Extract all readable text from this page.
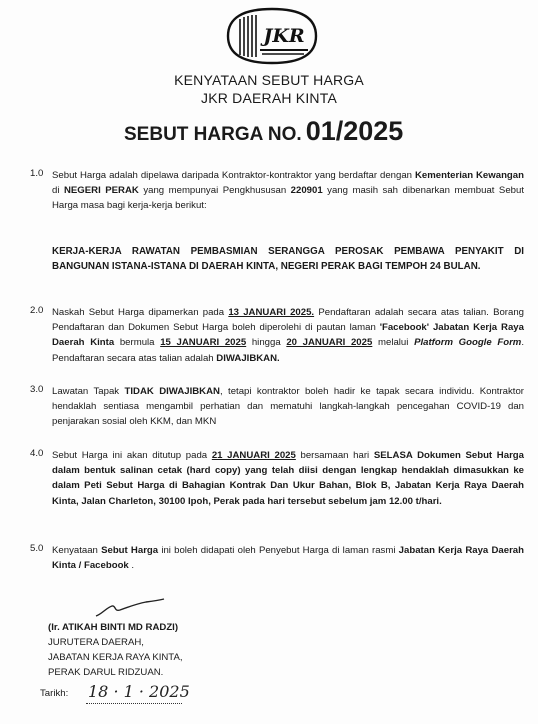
JKR
KENYATAAN SEBUT HARGA
JKR DAERAH KINTA
SEBUT HARGA NO. 01/2025
1.0 Sebut Harga adalah dipelawa daripada Kontraktor-kontraktor yang berdaftar dengan Kementerian Kewangan di NEGERI PERAK yang mempunyai Pengkhususan 220901 yang masih sah dibenarkan membuat Sebut Harga masa bagi kerja-kerja berikut:
KERJA-KERJA RAWATAN PEMBASMIAN SERANGGA PEROSAK PEMBAWA PENYAKIT DI BANGUNAN ISTANA-ISTANA DI DAERAH KINTA, NEGERI PERAK BAGI TEMPOH 24 BULAN.
2.0 Naskah Sebut Harga dipamerkan pada 13 JANUARI 2025. Pendaftaran adalah secara atas talian. Borang Pendaftaran dan Dokumen Sebut Harga boleh diperolehi di pautan laman 'Facebook' Jabatan Kerja Raya Daerah Kinta bermula 15 JANUARI 2025 hingga 20 JANUARI 2025 melalui Platform Google Form. Pendaftaran secara atas talian adalah DIWAJIBKAN.
3.0 Lawatan Tapak TIDAK DIWAJIBKAN, tetapi kontraktor boleh hadir ke tapak secara individu. Kontraktor hendaklah sentiasa mengambil perhatian dan mematuhi langkah-langkah pencegahan COVID-19 dan penjarakan sosial oleh KKM, dan MKN
4.0 Sebut Harga ini akan ditutup pada 21 JANUARI 2025 bersamaan hari SELASA Dokumen Sebut Harga dalam bentuk salinan cetak (hard copy) yang telah diisi dengan lengkap hendaklah dimasukkan ke dalam Peti Sebut Harga di Bahagian Kontrak Dan Ukur Bahan, Blok B, Jabatan Kerja Raya Daerah Kinta, Jalan Charleton, 30100 Ipoh, Perak pada hari tersebut sebelum jam 12.00 t/hari.
5.0 Kenyataan Sebut Harga ini boleh didapati oleh Penyebut Harga di laman rasmi Jabatan Kerja Raya Daerah Kinta / Facebook .
(Ir. ATIKAH BINTI MD RADZI)
JURUTERA DAERAH,
JABATAN KERJA RAYA KINTA,
PERAK DARUL RIDZUAN.
Tarikh: 18 · 1 · 2025
